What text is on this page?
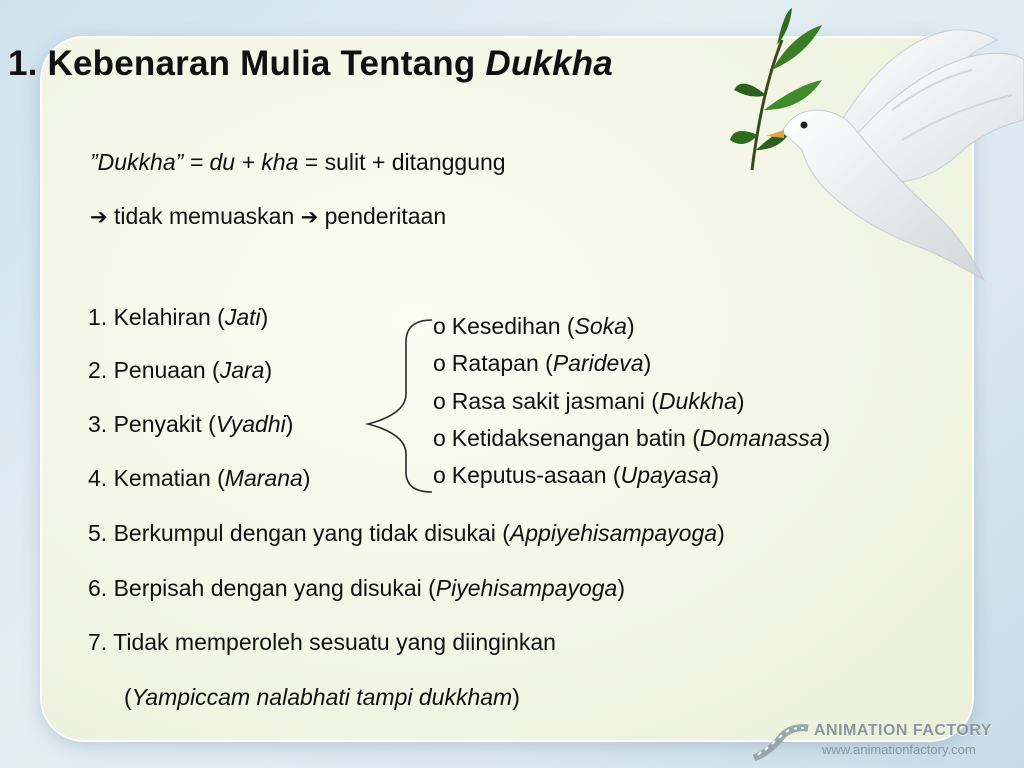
1. Kebenaran Mulia Tentang Dukkha
”Dukkha” = du + kha = sulit + ditanggung
➔ tidak memuaskan ➔ penderitaan
1. Kelahiran (Jati)
2. Penuaan (Jara)
3. Penyakit (Vyadhi)
4. Kematian (Marana)
5. Berkumpul dengan yang tidak disukai (Appiyehisampayoga)
6. Berpisah dengan yang disukai (Piyehisampayoga)
7. Tidak memperoleh sesuatu yang diinginkan
(Yampiccam nalabhati tampi dukkham)
o Kesedihan (Soka)
o Ratapan (Parideva)
o Rasa sakit jasmani (Dukkha)
o Ketidaksenangan batin (Domanassa)
o Keputus-asaan (Upayasa)
ANIMATION FACTORY
www.animationfactory.com
